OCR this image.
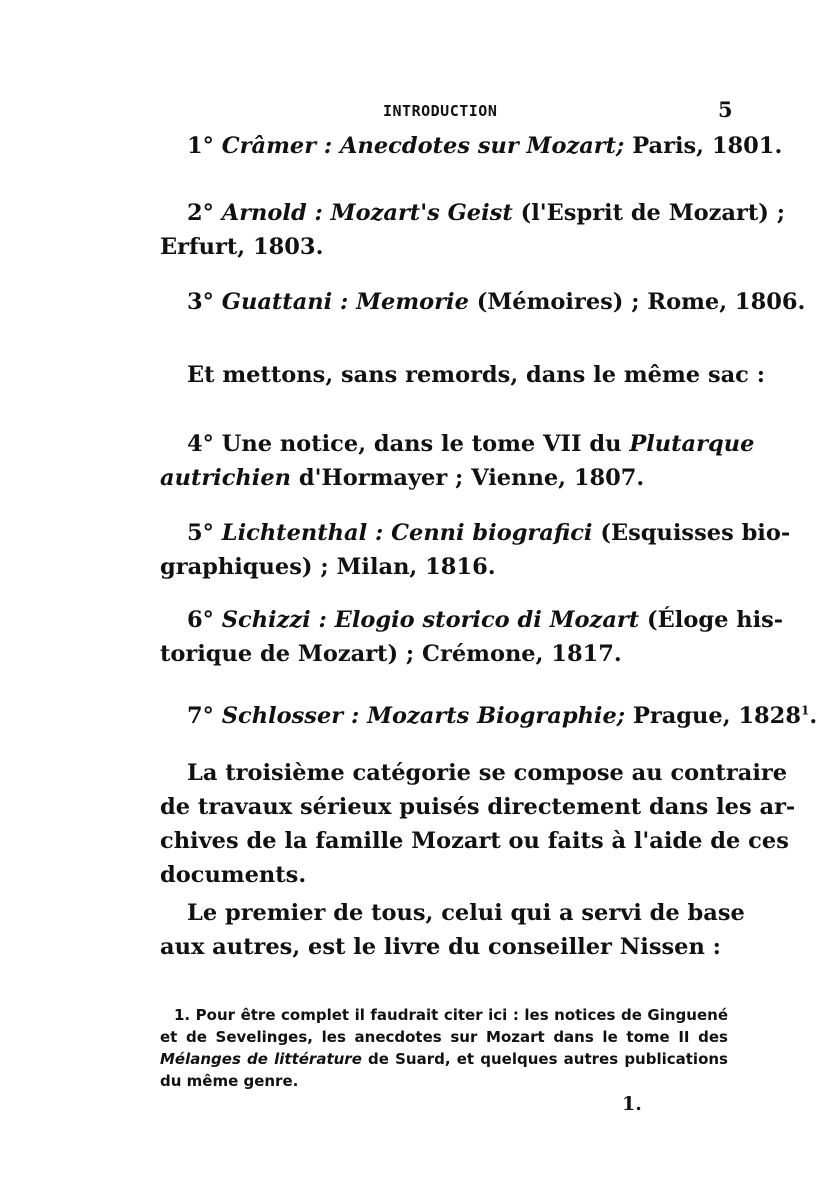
INTRODUCTION	5
1° Crâmer : Anecdotes sur Mozart; Paris, 1801.
2° Arnold : Mozart's Geist (l'Esprit de Mozart) ;
Erfurt, 1803.
3° Guattani : Memorie (Mémoires) ; Rome, 1806.
Et mettons, sans remords, dans le même sac :
4° Une notice, dans le tome VII du Plutarque
autrichien d'Hormayer ; Vienne, 1807.
5° Lichtenthal : Cenni biografici (Esquisses bio-
graphiques) ; Milan, 1816.
6° Schizzi : Elogio storico di Mozart (Éloge his-
torique de Mozart) ; Crémone, 1817.
7° Schlosser : Mozarts Biographie; Prague, 1828$^1$.
La troisième catégorie se compose au contraire
de travaux sérieux puisés directement dans les ar-
chives de la famille Mozart ou faits à l'aide de ces
documents.
Le premier de tous, celui qui a servi de base
aux autres, est le livre du conseiller Nissen :
1. Pour être complet il faudrait citer ici : les notices de Ginguené
et de Sevelinges, les anecdotes sur Mozart dans le tome II des
Mélanges de littérature de Suard, et quelques autres publications
du même genre.
1.
